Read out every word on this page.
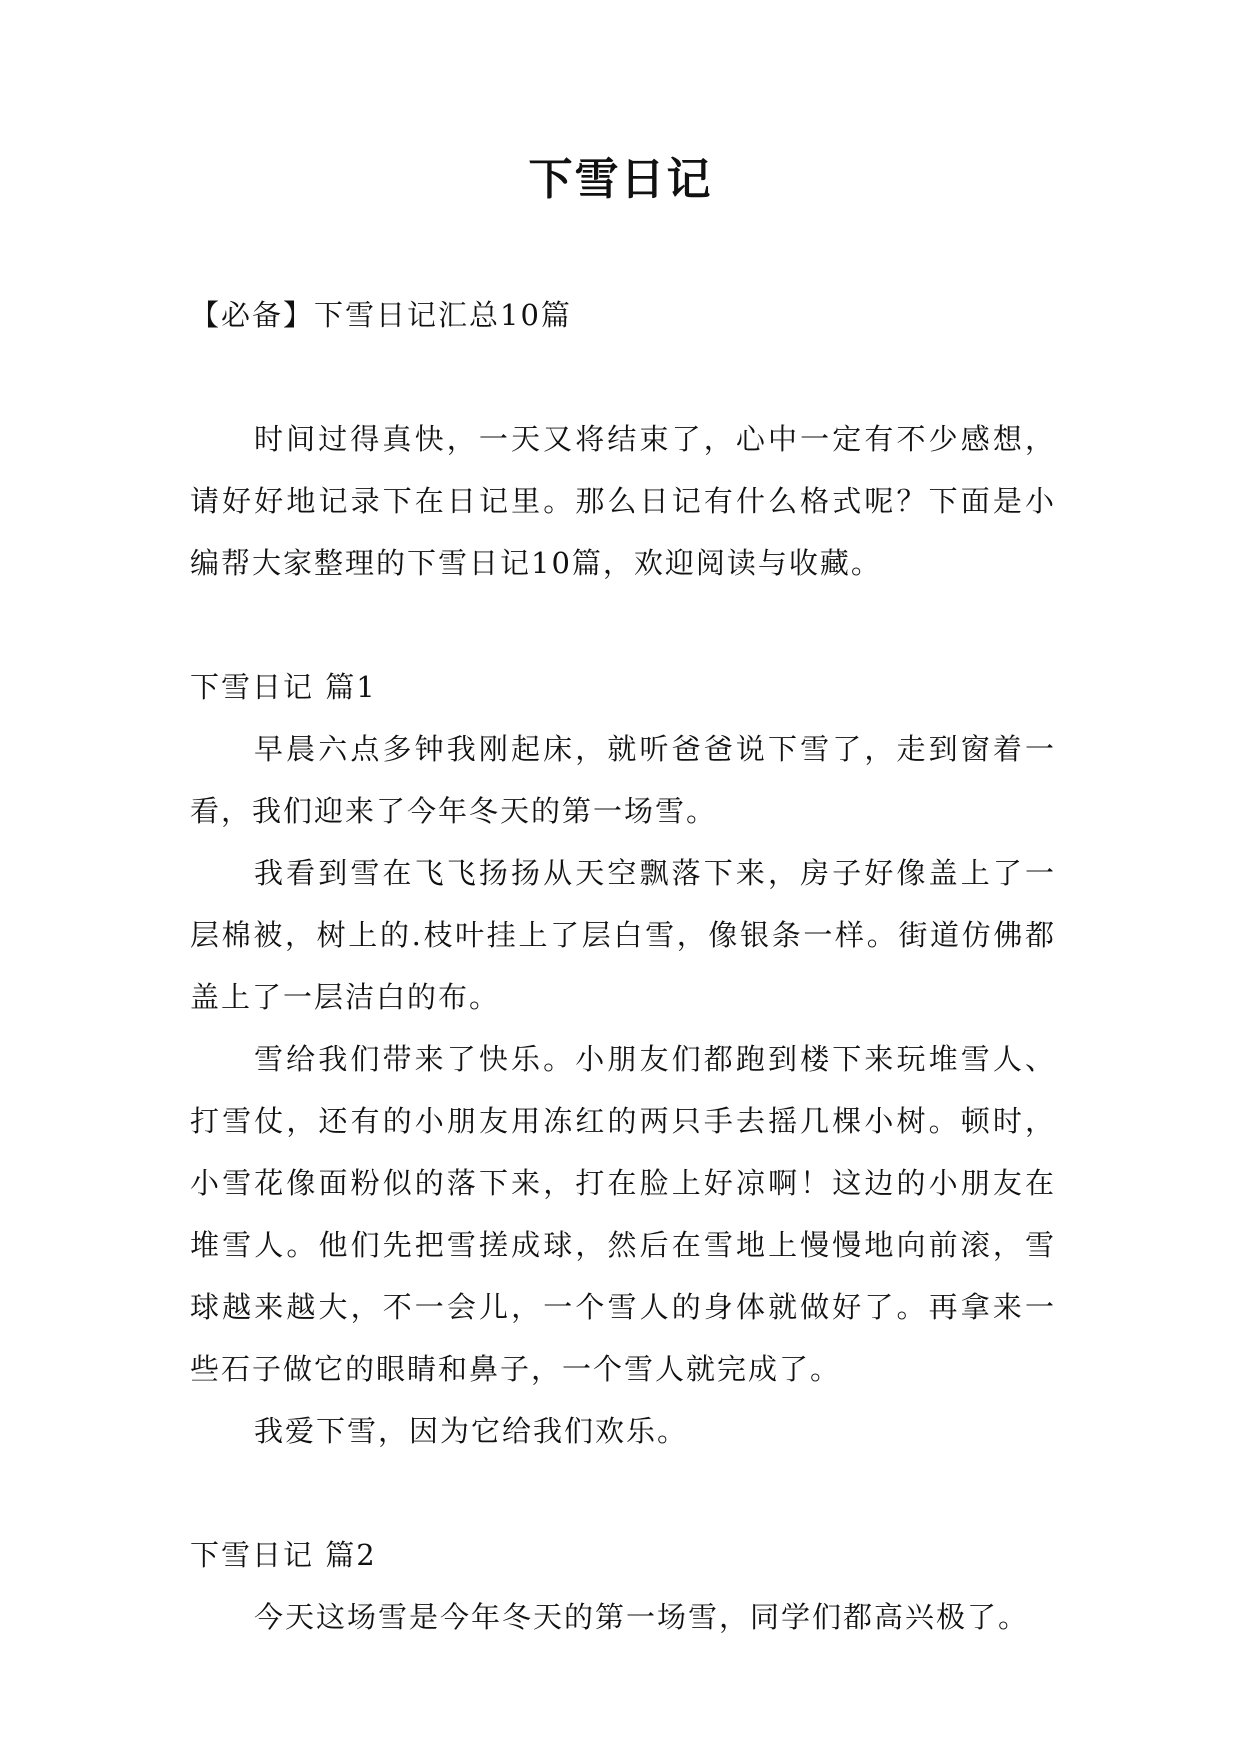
下雪日记

【必备】下雪日记汇总10篇

时间过得真快，一天又将结束了，心中一定有不少感想，请好好地记录下在日记里。那么日记有什么格式呢？下面是小编帮大家整理的下雪日记10篇，欢迎阅读与收藏。

下雪日记 篇1

早晨六点多钟我刚起床，就听爸爸说下雪了，走到窗着一看，我们迎来了今年冬天的第一场雪。

我看到雪在飞飞扬扬从天空飘落下来，房子好像盖上了一层棉被，树上的.枝叶挂上了层白雪，像银条一样。街道仿佛都盖上了一层洁白的布。

雪给我们带来了快乐。小朋友们都跑到楼下来玩堆雪人、打雪仗，还有的小朋友用冻红的两只手去摇几棵小树。顿时，小雪花像面粉似的落下来，打在脸上好凉啊！这边的小朋友在堆雪人。他们先把雪搓成球，然后在雪地上慢慢地向前滚，雪球越来越大，不一会儿，一个雪人的身体就做好了。再拿来一些石子做它的眼睛和鼻子，一个雪人就完成了。

我爱下雪，因为它给我们欢乐。

下雪日记 篇2

今天这场雪是今年冬天的第一场雪，同学们都高兴极了。
